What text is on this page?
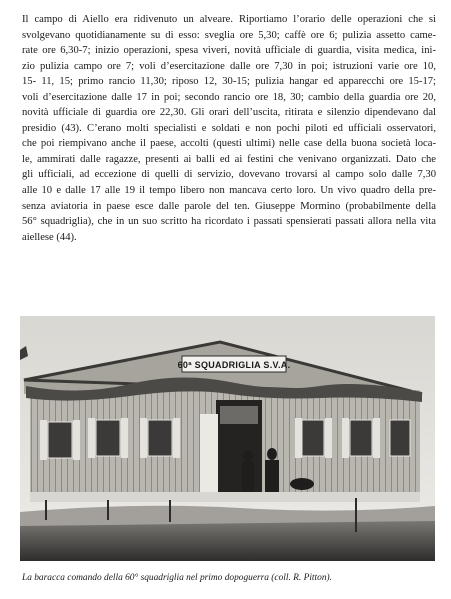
Il campo di Aiello era ridivenuto un alveare. Riportiamo l’orario delle operazioni che si
svolgevano quotidianamente su di esso: sveglia ore 5,30; caffè ore 6; pulizia assetto came-
rate ore 6,30-7; inizio operazioni, spesa viveri, novità ufficiale di guardia, visita medica, ini-
zio pulizia campo ore 7; voli d’esercitazione dalle ore 7,30 in poi; istruzioni varie ore 10,
15- 11, 15; primo rancio 11,30; riposo 12, 30-15; pulizia hangar ed apparecchi ore 15-17;
voli d’esercitazione dalle 17 in poi; secondo rancio ore 18, 30; cambio della guardia ore 20,
novità ufficiale di guardia ore 22,30. Gli orari dell’uscita, ritirata e silenzio dipendevano dal
presidio (43). C’erano molti specialisti e soldati e non pochi piloti ed ufficiali osservatori,
che poi riempivano anche il paese, accolti (questi ultimi) nelle case della buona società loca-
le, ammirati dalle ragazze, presenti ai balli ed ai festini che venivano organizzati. Dato che
gli ufficiali, ad eccezione di quelli di servizio, dovevano trovarsi al campo solo dalle 7,30
alle 10 e dalle 17 alle 19 il tempo libero non mancava certo loro. Un vivo quadro della pre-
senza aviatoria in paese esce dalle parole del ten. Giuseppe Mormino (probabilmente della
56° squadriglia), che in un suo scritto ha ricordato i passati spensierati passati allora nella vita
aiellese (44).
60ª SQUADRIGLIA S.V.A.
La baracca comando della 60° squadriglia nel primo dopoguerra (coll. R. Pitton).
